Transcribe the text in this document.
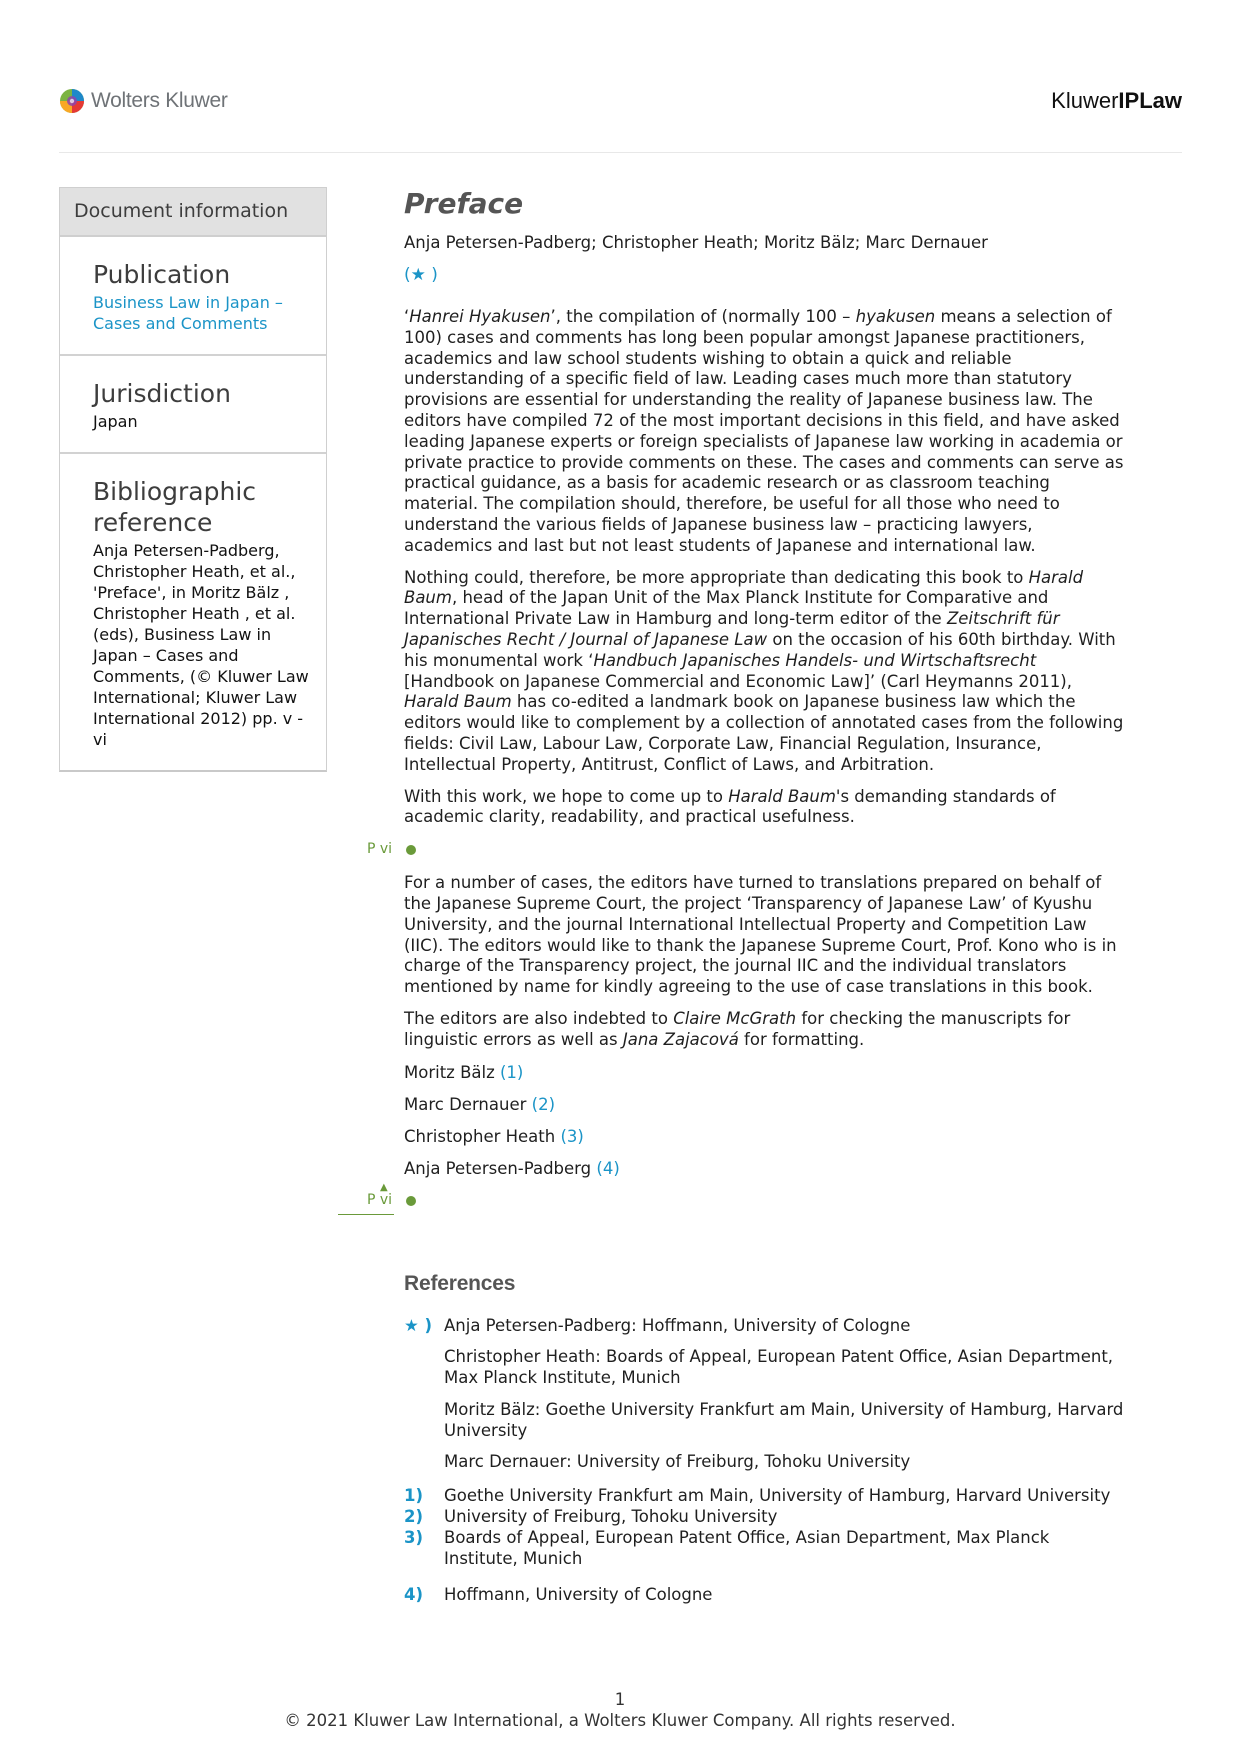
Wolters Kluwer	KluwerIPLaw
Document information
Publication
Business Law in Japan – Cases and Comments
Jurisdiction
Japan
Bibliographic reference
Anja Petersen-Padberg, Christopher Heath, et al., 'Preface', in Moritz Bälz , Christopher Heath , et al. (eds), Business Law in Japan – Cases and Comments, (© Kluwer Law International; Kluwer Law International 2012) pp. v - vi
Preface
Anja Petersen-Padberg; Christopher Heath; Moritz Bälz; Marc Dernauer
(★ )

‘Hanrei Hyakusen’, the compilation of (normally 100 – hyakusen means a selection of 100) cases and comments has long been popular amongst Japanese practitioners, academics and law school students wishing to obtain a quick and reliable understanding of a specific field of law. Leading cases much more than statutory provisions are essential for understanding the reality of Japanese business law. The editors have compiled 72 of the most important decisions in this field, and have asked leading Japanese experts or foreign specialists of Japanese law working in academia or private practice to provide comments on these. The cases and comments can serve as practical guidance, as a basis for academic research or as classroom teaching material. The compilation should, therefore, be useful for all those who need to understand the various fields of Japanese business law – practicing lawyers, academics and last but not least students of Japanese and international law.

Nothing could, therefore, be more appropriate than dedicating this book to Harald Baum, head of the Japan Unit of the Max Planck Institute for Comparative and International Private Law in Hamburg and long-term editor of the Zeitschrift für Japanisches Recht / Journal of Japanese Law on the occasion of his 60th birthday. With his monumental work ‘Handbuch Japanisches Handels- und Wirtschaftsrecht [Handbook on Japanese Commercial and Economic Law]’ (Carl Heymanns 2011), Harald Baum has co-edited a landmark book on Japanese business law which the editors would like to complement by a collection of annotated cases from the following fields: Civil Law, Labour Law, Corporate Law, Financial Regulation, Insurance, Intellectual Property, Antitrust, Conflict of Laws, and Arbitration.

With this work, we hope to come up to Harald Baum's demanding standards of academic clarity, readability, and practical usefulness.

P vi

For a number of cases, the editors have turned to translations prepared on behalf of the Japanese Supreme Court, the project ‘Transparency of Japanese Law’ of Kyushu University, and the journal International Intellectual Property and Competition Law (IIC). The editors would like to thank the Japanese Supreme Court, Prof. Kono who is in charge of the Transparency project, the journal IIC and the individual translators mentioned by name for kindly agreeing to the use of case translations in this book.

The editors are also indebted to Claire McGrath for checking the manuscripts for linguistic errors as well as Jana Zajacová for formatting.

Moritz Bälz (1)
Marc Dernauer (2)
Christopher Heath (3)
Anja Petersen-Padberg (4)
▲
P vi
References
★ ) Anja Petersen-Padberg: Hoffmann, University of Cologne

Christopher Heath: Boards of Appeal, European Patent Office, Asian Department, Max Planck Institute, Munich

Moritz Bälz: Goethe University Frankfurt am Main, University of Hamburg, Harvard University

Marc Dernauer: University of Freiburg, Tohoku University

1)	Goethe University Frankfurt am Main, University of Hamburg, Harvard University
2)	University of Freiburg, Tohoku University
3)	Boards of Appeal, European Patent Office, Asian Department, Max Planck Institute, Munich
4)	Hoffmann, University of Cologne
1
© 2021 Kluwer Law International, a Wolters Kluwer Company. All rights reserved.
